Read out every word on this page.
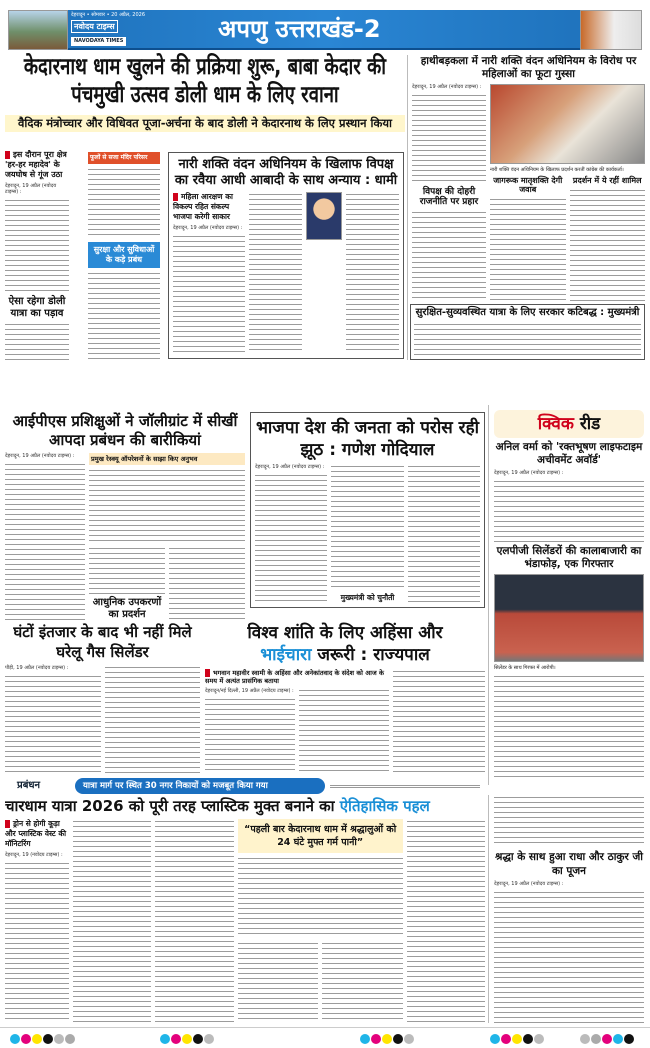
देहरादून • सोमवार • 20 अप्रैल, 2026
नवोदय टाइम्स
NAVODAYA TIMES	अपणु उत्तराखंड-2
केदारनाथ धाम खुलने की प्रक्रिया शुरू, बाबा केदार की पंचमुखी उत्सव डोली धाम के लिए रवाना
वैदिक मंत्रोच्चार और विधिवत पूजा-अर्चना के बाद डोली ने केदारनाथ के लिए प्रस्थान किया
इस दौरान पूरा क्षेत्र 'हर-हर महादेव' के जयघोष से गूंज उठा
देहरादून, 19 अप्रैल (नवोदय टाइम्स) :
ऐसा रहेगा डोली यात्रा का पड़ाव
फूलों से सजा मंदिर परिसर
सुरक्षा और सुविधाओं के कड़े प्रबंध
नारी शक्ति वंदन अधिनियम के खिलाफ विपक्ष का रवैया आधी आबादी के साथ अन्याय : धामी
महिला आरक्षण का विकल्प रहित संकल्प भाजपा करेगी साकार
देहरादून, 19 अप्रैल (नवोदय टाइम्स) :
हाथीबड़कला में नारी शक्ति वंदन अधिनियम के विरोध पर महिलाओं का फूटा गुस्सा
देहरादून, 19 अप्रैल (नवोदय टाइम्स) :
विपक्ष की दोहरी राजनीति पर प्रहार
नारी शक्ति वंदन अधिनियम के खिलाफ प्रदर्शन करतीं कांग्रेस की कार्यकर्ता।
जागरूक मातृशक्ति देगी जवाब
प्रदर्शन में ये रहीं शामिल
सुरक्षित-सुव्यवस्थित यात्रा के लिए सरकार कटिबद्ध : मुख्यमंत्री
आईपीएस प्रशिक्षुओं ने जॉलीग्रांट में सीखीं आपदा प्रबंधन की बारीकियां
देहरादून, 19 अप्रैल (नवोदय टाइम्स) :	प्रमुख रेस्क्यू ऑपरेशनों के साझा किए अनुभव
आधुनिक उपकरणों का प्रदर्शन
भाजपा देश की जनता को परोस रही झूठ : गणेश गोदियाल
देहरादून, 19 अप्रैल (नवोदय टाइम्स) :
मुख्यमंत्री को चुनौती
क्विक रीड
अनिल वर्मा को 'रक्तभूषण लाइफटाइम अचीवमेंट अवॉर्ड'
देहरादून, 19 अप्रैल (नवोदय टाइम्स) :
एलपीजी सिलेंडरों की कालाबाजारी का भंडाफोड़, एक गिरफ्तार
सिलेंडर के साथ गिरफ्त में आरोपी।
घंटों इंतजार के बाद भी नहीं मिले घरेलू गैस सिलेंडर
पौड़ी, 19 अप्रैल (नवोदय टाइम्स) :
विश्व शांति के लिए अहिंसा और
भाईचारा जरूरी : राज्यपाल
भगवान महावीर स्वामी के अहिंसा और अनेकांतवाद के संदेश को आज के समय में अत्यंत प्रासंगिक बताया
देहरादून/नई दिल्ली, 19 अप्रैल (नवोदय टाइम्स) :
प्रबंधन	यात्रा मार्ग पर स्थित 30 नगर निकायों को मजबूत किया गया
चारधाम यात्रा 2026 को पूरी तरह प्लास्टिक मुक्त बनाने का ऐतिहासिक पहल
ड्रोन से होगी कूड़ा और प्लास्टिक वेस्ट की मॉनिटरिंग
देहरादून, 19 (नवोदय टाइम्स) :
“पहली बार केदारनाथ धाम में श्रद्धालुओं को 24 घंटे मुफ्त गर्म पानी”
श्रद्धा के साथ हुआ राधा और ठाकुर जी का पूजन
देहरादून, 19 अप्रैल (नवोदय टाइम्स) :
